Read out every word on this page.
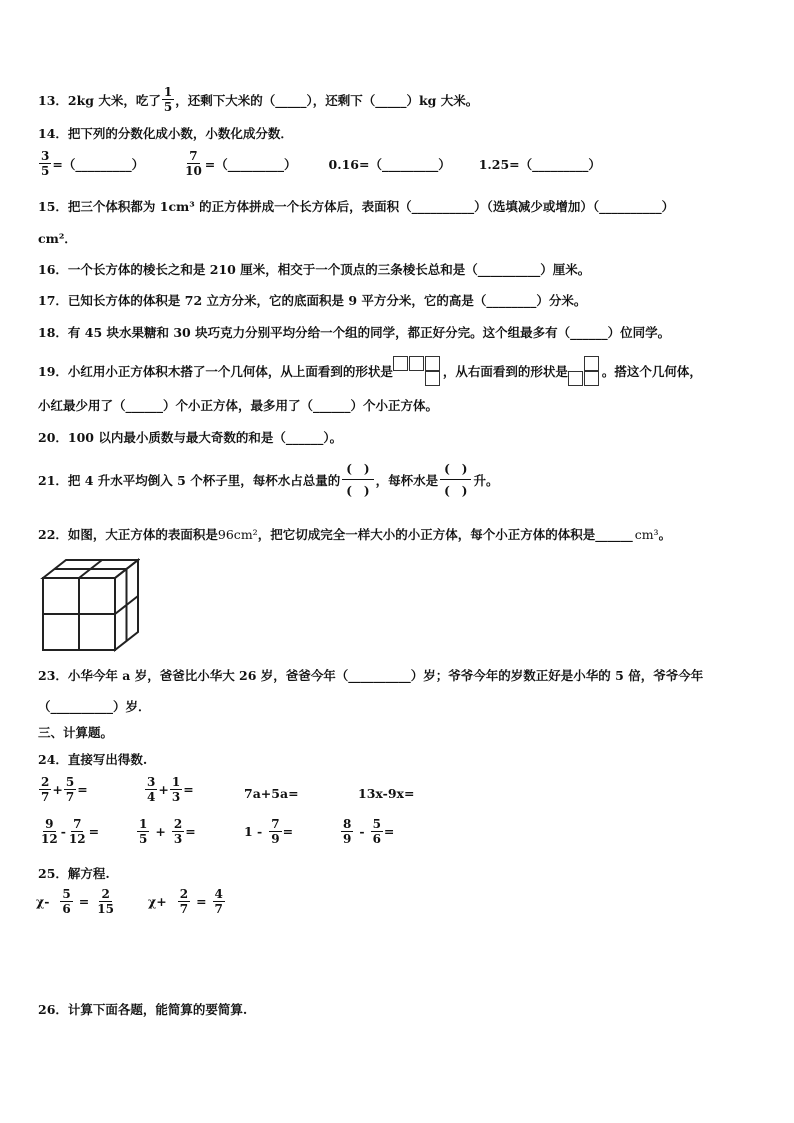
13．2kg 大米，吃了 $\frac{1}{5}$ ，还剩下大米的（_____），还剩下（_____）kg 大米。
14．把下列的分数化成小数，小数化成分数．
$\frac{3}{5}$ =（_________）	$\frac{7}{10}$ =（_________）	0.16=（_________） 1.25=（_________）
15．把三个体积都为 1cm³ 的正方体拼成一个长方体后，表面积（__________）（选填减少或增加）（__________）
cm²．
16．一个长方体的棱长之和是 210 厘米，相交于一个顶点的三条棱长总和是（__________）厘米。
17．已知长方体的体积是 72 立方分米，它的底面积是 9 平方分米，它的高是（________）分米。
18．有 45 块水果糖和 30 块巧克力分别平均分给一个组的同学，都正好分完。这个组最多有（______）位同学。
19．小红用小正方体积木搭了一个几何体，从上面看到的形状是	，从右面看到的形状是	。搭这个几何体，
小红最少用了（______）个小正方体，最多用了（______）个小正方体。
20．100 以内最小质数与最大奇数的和是（______）。
21．把 4 升水平均倒入 5 个杯子里，每杯水占总量的
(　)
(　)
，每杯水是
(　)
(　)
升。
22．如图，大正方体的表面积是 96cm² ，把它切成完全一样大小的小正方体，每个小正方体的体积是______ cm³ 。
23．小华今年 a 岁，爸爸比小华大 26 岁，爸爸今年（__________）岁；爷爷今年的岁数正好是小华的 5 倍，爷爷今年
（__________）岁．
三、计算题。
24．直接写出得数.
$\frac{2}{7} + \frac{5}{7}$ =	$\frac{3}{4} + \frac{1}{3}$ =	7a+5a=	13x-9x=
$\frac{9}{12} - \frac{7}{12}$ =	$\frac{1}{5} + \frac{2}{3}$ =	$1 - \frac{7}{9}$ =	$\frac{8}{9} - \frac{5}{6}$ =
25．解方程.
$\chi- \frac{5}{6} = \frac{2}{15}$	$\chi+ \frac{2}{7} = \frac{4}{7}$
26．计算下面各题，能简算的要简算.
